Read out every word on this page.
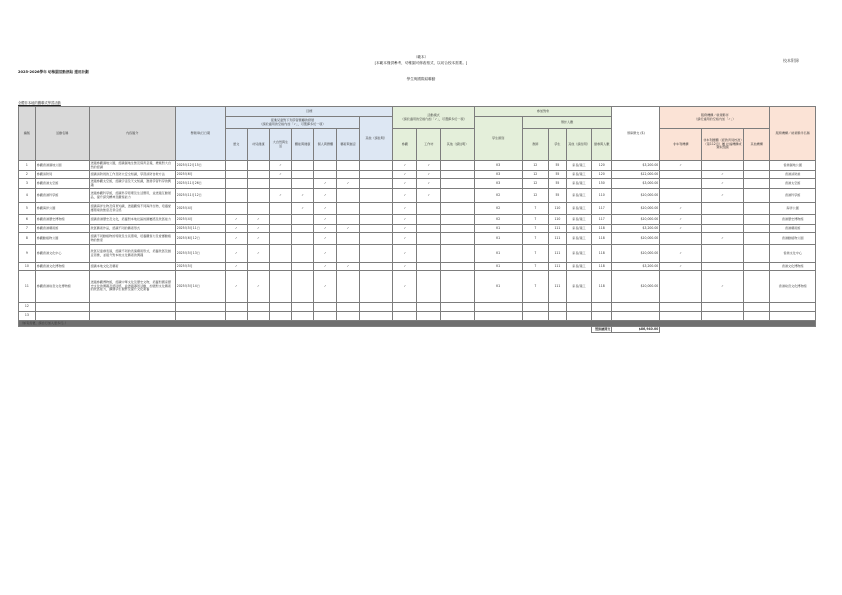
（範本）
[本範本僅供參考，幼稚園可修改格式，以切合校本需要。]	校本附錄
2025-2026學年 幼稚園活動津貼 運用計劃
學生與國際結聯動
全體非本地的關聯式學習活動
編號	活動名稱	內容簡介	舉辦/執行日期	目標							活動模式
（請於適用的空格內加「✓」，可選擇多於一項）			參加對象					預算開支 ($)	服務機構／就業夥伴
（請於適用的空格內加「✓」）			服務機構／就業夥伴名稱
				促進兒童對下列學習範疇的發展
（請於適用的空格內加「✓」，可選擇多於一項）						其他（請註明）				學生級別	預計人數								
				語文	幼兒健康	大自然與生活	體能與健康	個人與群體	藝術與創意		參觀	工作坊	其他（請註明）		教師	學生	其他（請註明）	總參與人數		非牟利機構	非牟利團體（經教育局核准）（第112章）屬 社福機構或類似組織	其他機構	

1	參觀香港濕地公園	透過參觀濕地公園，認識濕地生態及保育意義，增進對大自然的認識	2025年12月15日			✓					✓	✓		K3	12	55	家長/義工	120	$3,200.00	✓			香港濕地公園
2	參觀消防局	認識消防員的工作及防火安全知識，學習消防自救方法	2025年6月			✓					✓	✓		K3	12	55	家長/義工	120	$12,000.00		✓		香港消防處
3	參觀香港太空館	透過參觀太空館，認識宇宙及天文知識，激發學習科學的興趣	2025年11月26日					✓	✓		✓	✓		K3	12	55	家長/義工	150	$3,000.00		✓		香港太空館
4	參觀香港科學館	透過參觀科學館，認識科學原理及生活應用，並透過互動展品，提升探究精神及觀察能力	2025年11月12日			✓	✓	✓			✓	✓		K2	12	55	家長/義工	110	$10,000.00		✓		香港科學館
5	參觀海洋公園	認識海洋生物及保育知識，透過觀察不同海洋生物，培養愛護環境的態度及責任感	2025年4月				✓	✓			✓			K2	7	110	家長/義工	117	$10,000.00	✓			海洋公園
6	參觀香港歷史博物館	認識香港歷史及文化，培養對本地社區的歸屬感及欣賞能力	2025年4月	✓	✓			✓			✓			K2	7	110	家長/義工	117	$10,000.00	✓			香港歷史博物館
7	參觀香港藝術館	欣賞藝術作品，認識不同的藝術形式	2025年5月11日	✓	✓			✓	✓		✓			K1	7	111	家長/義工	118	$3,200.00	✓			香港藝術館
8	參觀動植物公園	認識不同動植物的特徵及生長環境，培養觀察力及愛護動植物的態度	2025年6月12日	✓	✓			✓			✓			K1	7	111	家長/義工	118	$10,000.00		✓		香港動植物公園
9	參觀香港文化中心	欣賞兒童劇表演，認識不同的表演藝術形式，培養欣賞及創意思維，並提升對本地文化藝術的興趣	2025年5月13日	✓	✓			✓			✓			K1	7	111	家長/義工	118	$10,000.00	✓			香港文化中心
10	參觀香港文化博物館	認識本地文化及藝術	2025年5月	✓				✓	✓		✓			K1	7	111	家長/義工	118	$3,200.00	✓			香港文化博物館
11	參觀香港故宮文化博物館	透過參觀博物館，認識中華文化及歷史文物，培養對國家歷史文化的興趣及認同感，並透過導賞活動，加強對文化藝術的欣賞能力，擴闊學生視野及提升文化素養	2025年5月14日	✓	✓			✓			✓			K1	7	111	家長/義工	118	$10,000.00		✓		香港故宮文化博物館
12																							
13																							
（如有需要，請自行加入更多行。）																							
																		預算總開支	$86,940.00				
